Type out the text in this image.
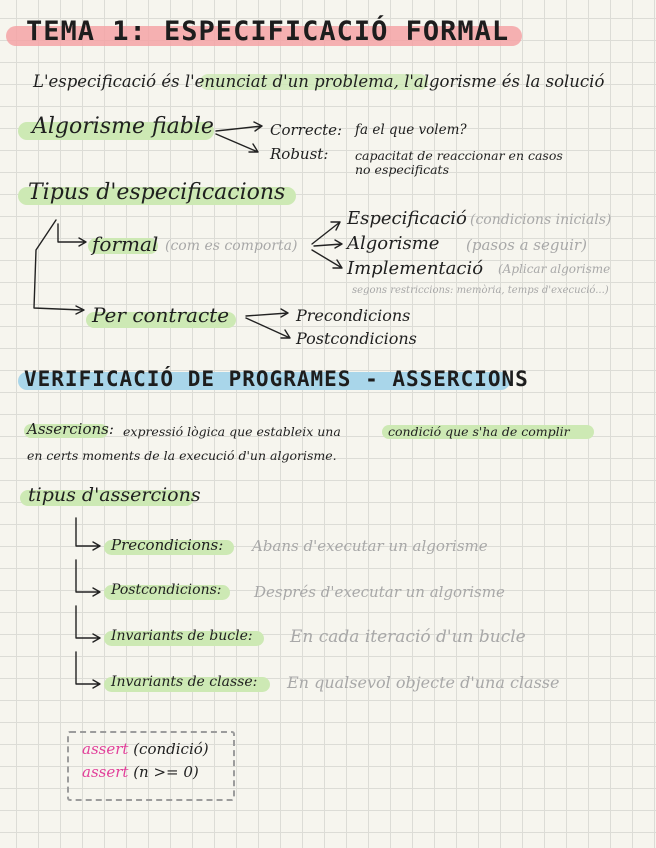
TEMA 1: ESPECIFICACIÓ FORMAL
L'especificació és l'enunciat d'un problema, l'algorisme és la solució
Algorisme fiable	Correcte: fa el que volem?
Robust: capacitat de reaccionar en casos
no especificats
Tipus d'especificacions
formal (com es comporta)
Especificació (condicions inicials)
Algorisme (pasos a seguir)
Implementació (Aplicar algorisme
segons restriccions: memòria, temps d'execució...)
Per contracte	Precondicions
Postcondicions
VERIFICACIÓ DE PROGRAMES - ASSERCIONS
Assercions: expressió lògica que estableix una	condició que s'ha de complir
en certs moments de la execució d'un algorisme.
tipus d'assercions
Precondicions: Abans d'executar un algorisme
Postcondicions: Després d'executar un algorisme
Invariants de bucle: En cada iteració d'un bucle
Invariants de classe: En qualsevol objecte d'una classe
assert (condició)
assert (n >= 0)
